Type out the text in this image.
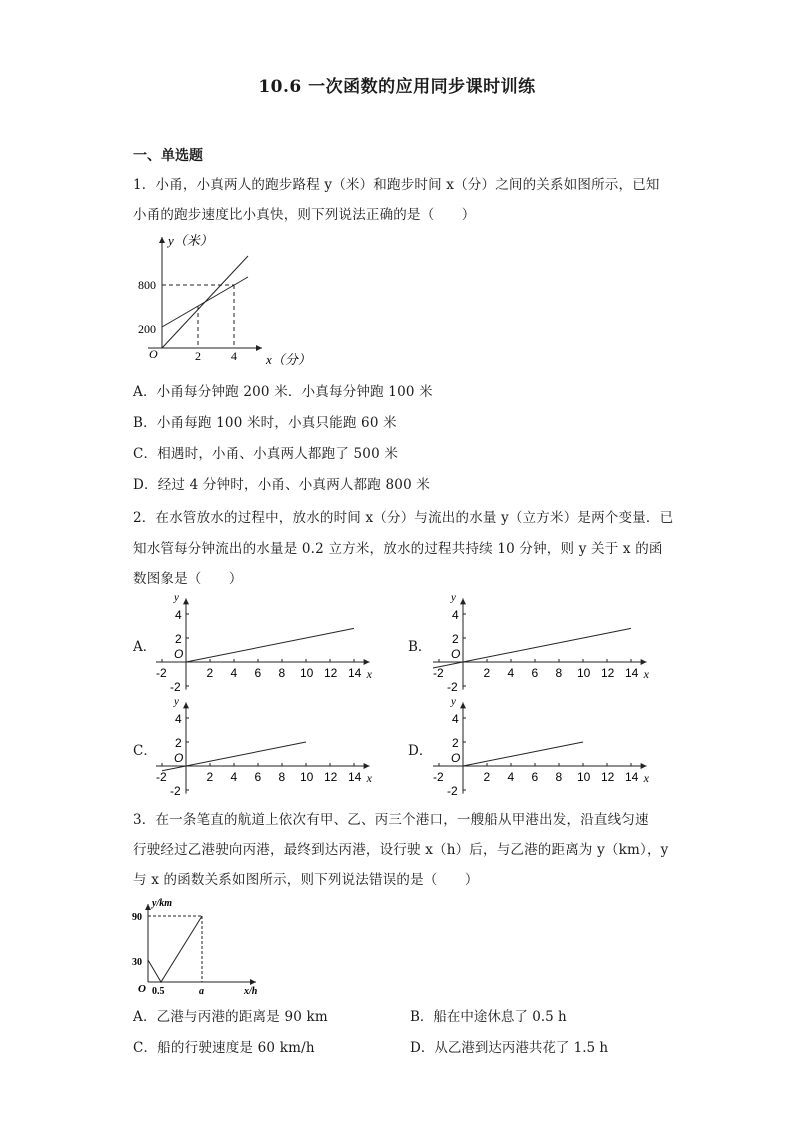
10.6 一次函数的应用同步课时训练
一、单选题
1．小甬，小真两人的跑步路程 y（米）和跑步时间 x（分）之间的关系如图所示，已知
小甬的跑步速度比小真快，则下列说法正确的是（　　）
y（米）
800
200
O	2	4 x（分）
A．小甬每分钟跑 200 米．小真每分钟跑 100 米
B．小甬每跑 100 米时，小真只能跑 60 米
C．相遇时，小甬、小真两人都跑了 500 米
D．经过 4 分钟时，小甬、小真两人都跑 800 米
2．在水管放水的过程中，放水的时间 x（分）与流出的水量 y（立方米）是两个变量．已
知水管每分钟流出的水量是 0.2 立方米，放水的过程共持续 10 分钟，则 y 关于 x 的函
数图象是（　　）
A．	B．
C．	D．
-2	2 4 6 8 10 12 14
4
2
-2
O
y
x	-2	2 4 6 8 10 12 14
4
2
-2
O
y
x
-2	2 4 6 8 10 12 14
4
2
-2
O
y
x	-2	2 4 6 8 10 12 14
4
2
-2
O
y
x
3．在一条笔直的航道上依次有甲、乙、丙三个港口，一艘船从甲港出发，沿直线匀速
行驶经过乙港驶向丙港，最终到达丙港，设行驶 x（h）后，与乙港的距离为 y（km），y
与 x 的函数关系如图所示，则下列说法错误的是（　　）
y/km
90
30
O 0.5	a	x/h
A．乙港与丙港的距离是 90 km	B．船在中途休息了 0.5 h
C．船的行驶速度是 60 km/h	D．从乙港到达丙港共花了 1.5 h
